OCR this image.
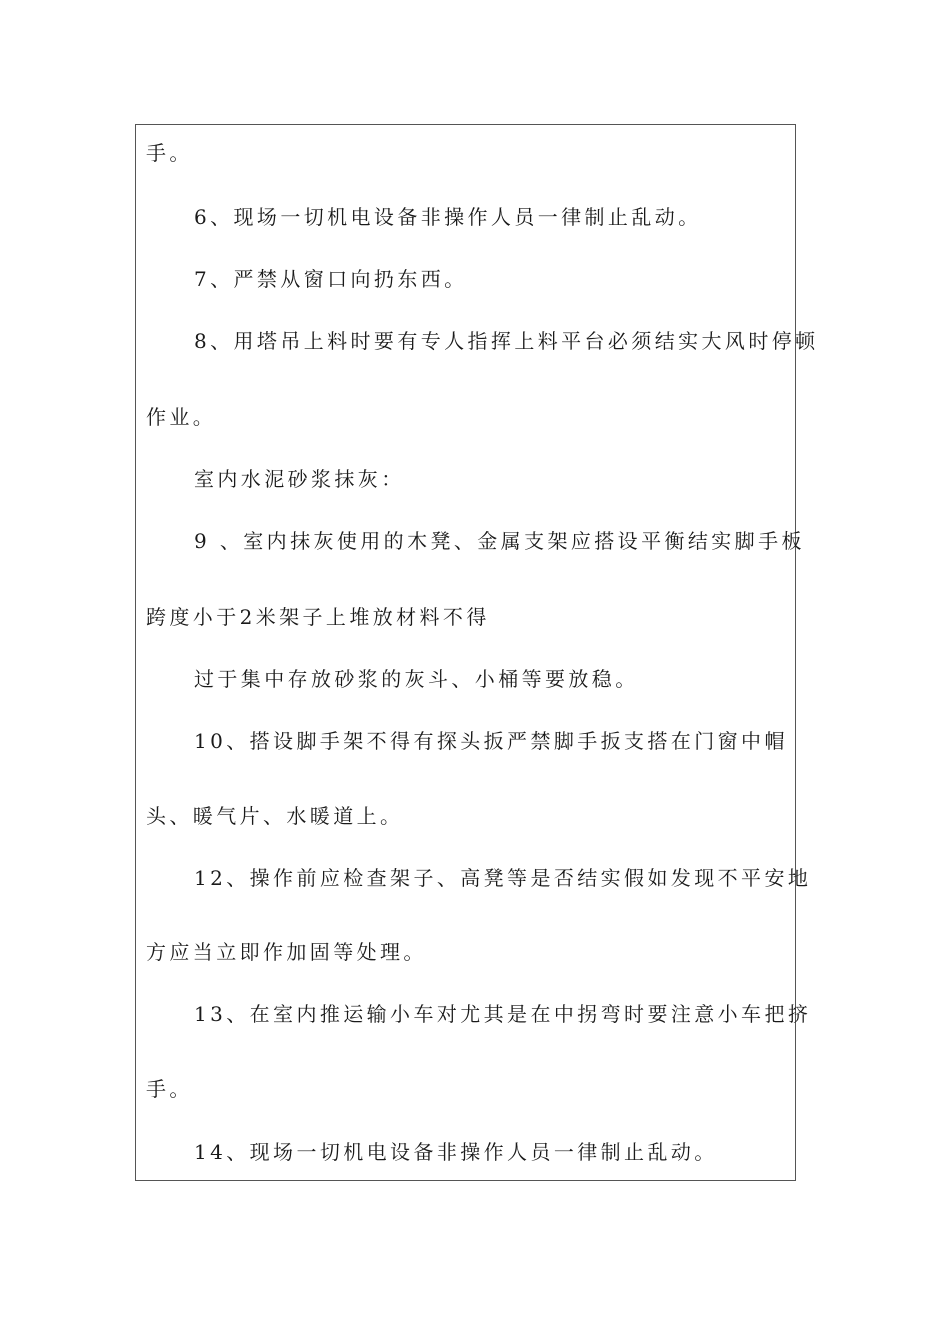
手。
6、现场一切机电设备非操作人员一律制止乱动。
7、严禁从窗口向扔东西。
8、用塔吊上料时要有专人指挥上料平台必须结实大风时停顿
作业。
室内水泥砂浆抹灰：
9 、室内抹灰使用的木凳、金属支架应搭设平衡结实脚手板
跨度小于2米架子上堆放材料不得
过于集中存放砂浆的灰斗、小桶等要放稳。
10、搭设脚手架不得有探头扳严禁脚手扳支搭在门窗中帽
头、暖气片、水暖道上。
12、操作前应检查架子、高凳等是否结实假如发现不平安地
方应当立即作加固等处理。
13、在室内推运输小车对尤其是在中拐弯时要注意小车把挤
手。
14、现场一切机电设备非操作人员一律制止乱动。
